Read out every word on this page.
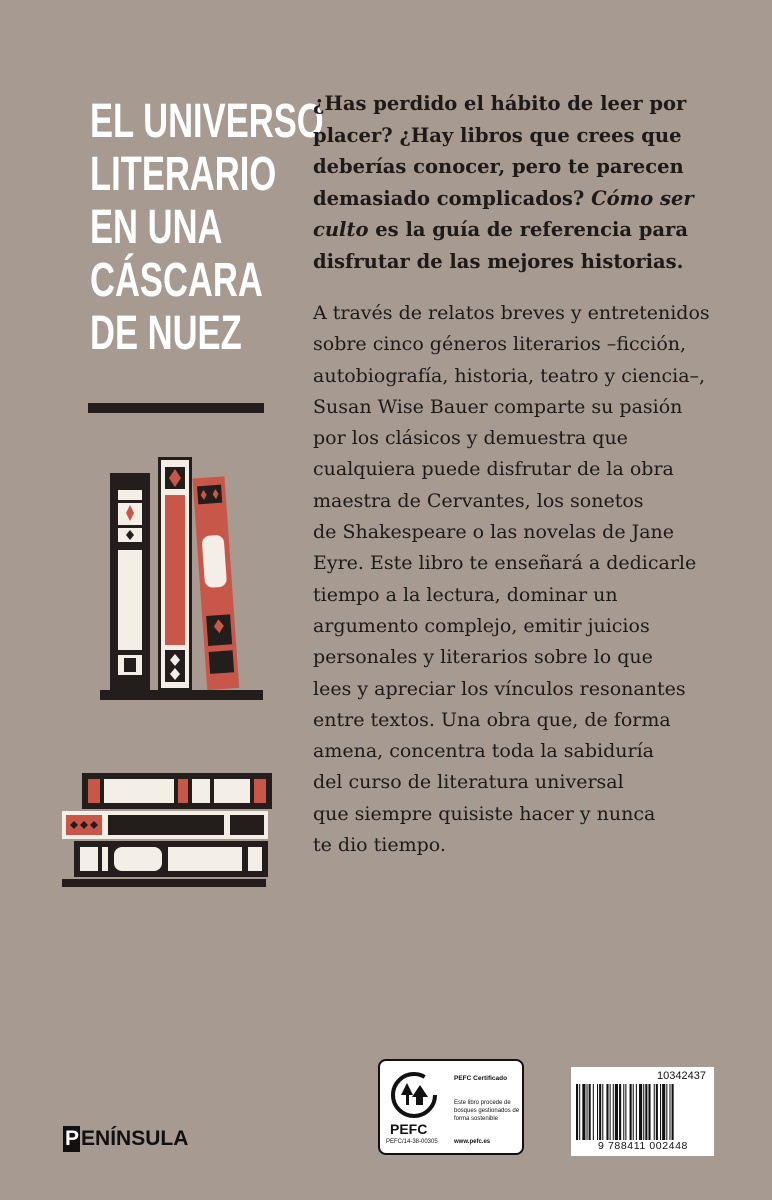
EL UNIVERSO
LITERARIO
EN UNA
CÁSCARA
DE NUEZ
¿Has perdido el hábito de leer por
placer? ¿Hay libros que crees que
deberías conocer, pero te parecen
demasiado complicados? Cómo ser
culto es la guía de referencia para
disfrutar de las mejores historias.
A través de relatos breves y entretenidos
sobre cinco géneros literarios –ficción,
autobiografía, historia, teatro y ciencia–,
Susan Wise Bauer comparte su pasión
por los clásicos y demuestra que
cualquiera puede disfrutar de la obra
maestra de Cervantes, los sonetos
de Shakespeare o las novelas de Jane
Eyre. Este libro te enseñará a dedicarle
tiempo a la lectura, dominar un
argumento complejo, emitir juicios
personales y literarios sobre lo que
lees y apreciar los vínculos resonantes
entre textos. Una obra que, de forma
amena, concentra toda la sabiduría
del curso de literatura universal
que siempre quisiste hacer y nunca
te dio tiempo.
P ENÍNSULA	PEFC
PEFC/14-38-00305
PEFC Certificado
Este libro procede de bosques gestionados de forma sostenible
www.pefc.es
10342437
9 788411 002448
